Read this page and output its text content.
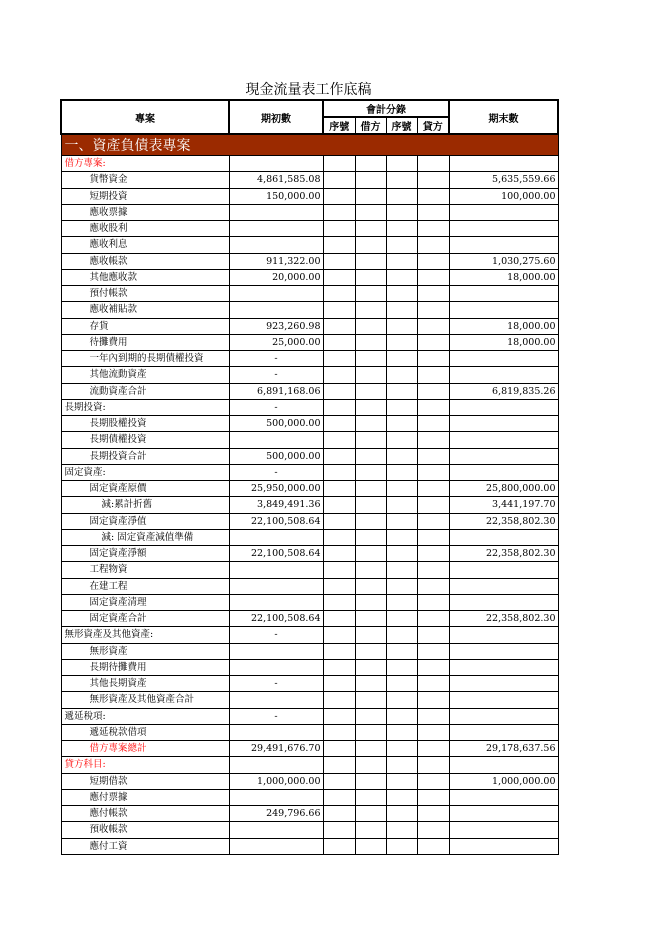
現金流量表工作底稿
專案	期初數	會計分錄				期末數
		序號	借方	序號	貸方	
一、資產負債表專案						
借方專案:						
貨幣資金	4,861,585.08					5,635,559.66
短期投資	150,000.00					100,000.00
應收票據						
應收股利						
應收利息						
應收帳款	911,322.00					1,030,275.60
其他應收款	20,000.00					18,000.00
預付帳款						
應收補貼款						
存貨	923,260.98					18,000.00
待攤費用	25,000.00					18,000.00
一年內到期的長期債權投資	-					
其他流動資產	-					
流動資產合計	6,891,168.06					6,819,835.26
長期投資:	-					
長期股權投資	500,000.00					
長期債權投資						
長期投資合計	500,000.00					
固定資產:	-					
固定資產原價	25,950,000.00					25,800,000.00
減:累計折舊	3,849,491.36					3,441,197.70
固定資產淨值	22,100,508.64					22,358,802.30
減: 固定資產減值準備						
固定資產淨額	22,100,508.64					22,358,802.30
工程物資						
在建工程						
固定資產清理						
固定資產合計	22,100,508.64					22,358,802.30
無形資產及其他資產:	-					
無形資產						
長期待攤費用						
其他長期資產	-					
無形資產及其他資產合計						
遞延稅項:	-					
遞延稅款借項						
借方專案總計	29,491,676.70					29,178,637.56
貸方科目:						
短期借款	1,000,000.00					1,000,000.00
應付票據						
應付帳款	249,796.66					
預收帳款						
應付工資						
